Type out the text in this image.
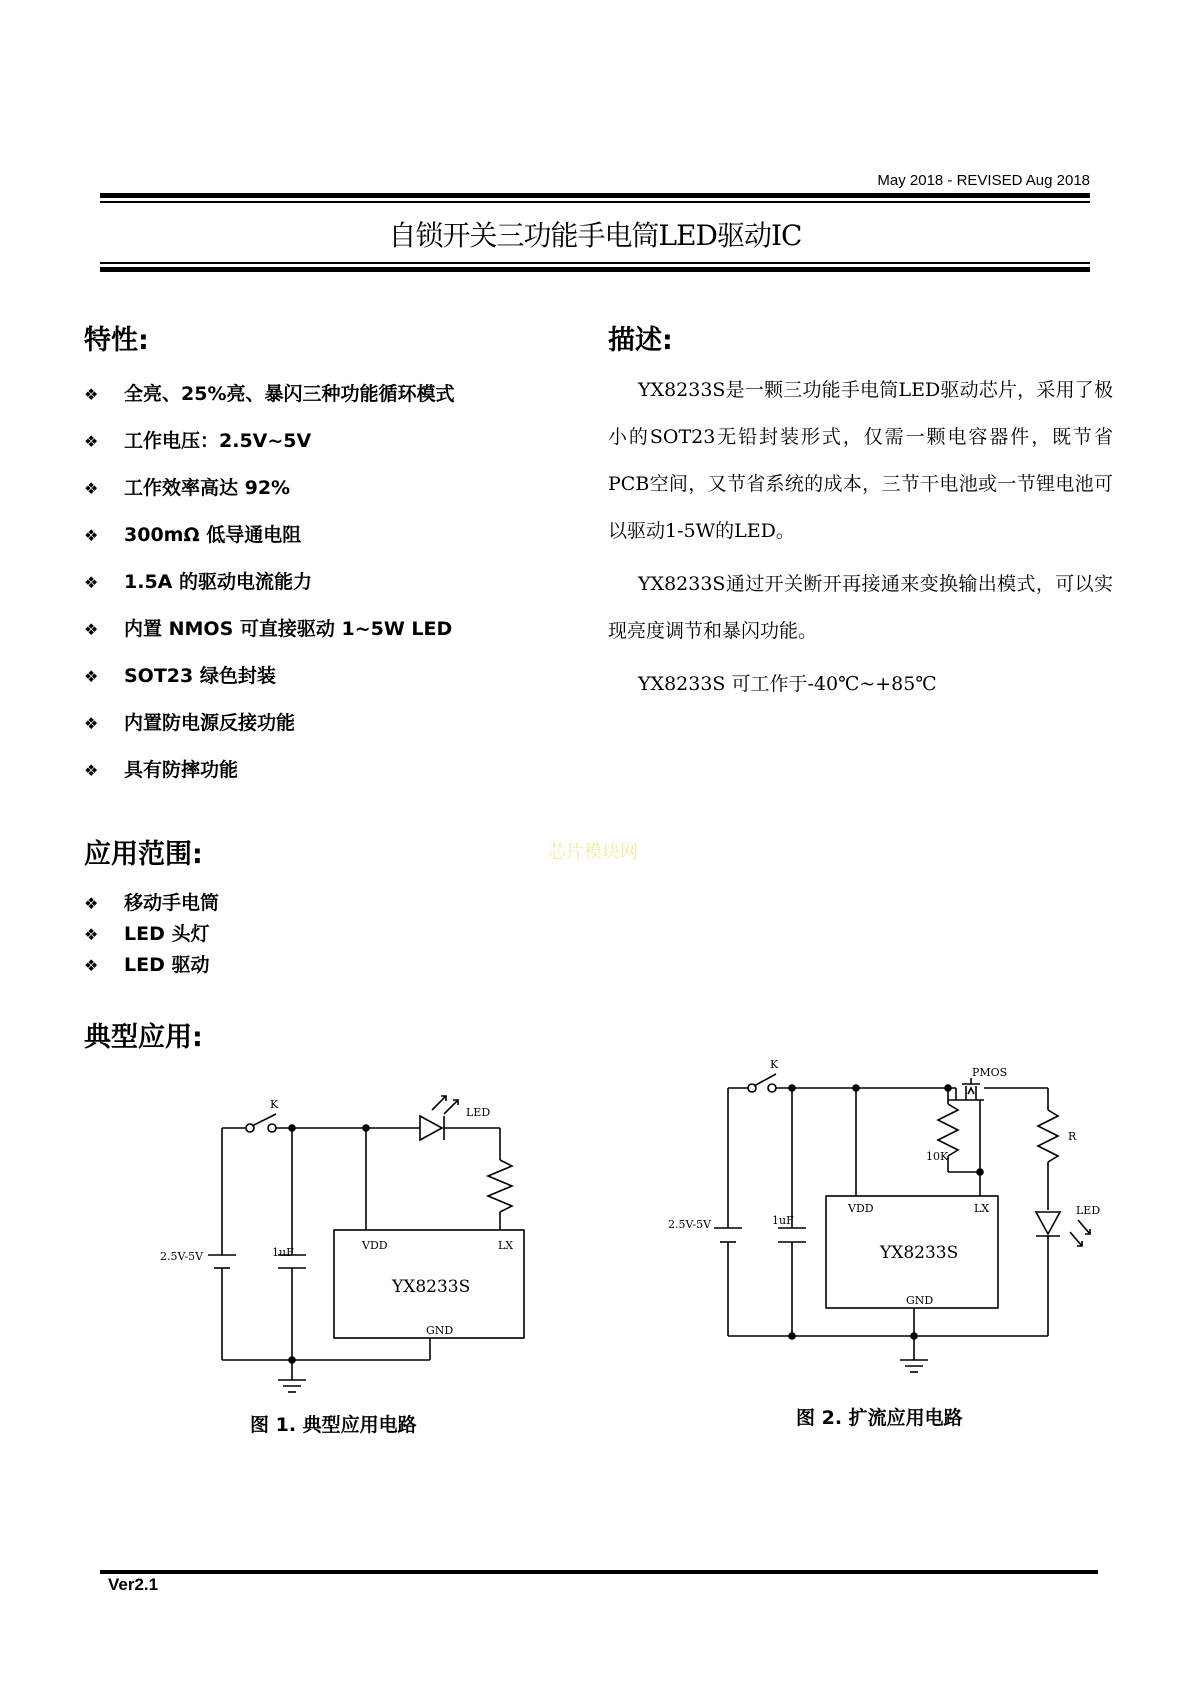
May 2018 - REVISED Aug 2018
自锁开关三功能手电筒LED驱动IC
特性:
❖ 全亮、25%亮、暴闪三种功能循环模式
❖ 工作电压：2.5V~5V
❖ 工作效率高达 92%
❖ 300mΩ 低导通电阻
❖ 1.5A 的驱动电流能力
❖ 内置 NMOS 可直接驱动 1~5W LED
❖ SOT23 绿色封装
❖ 内置防电源反接功能
❖ 具有防摔功能
描述:

YX8233S是一颗三功能手电筒LED驱动芯片，采用了极小的SOT23无铅封装形式，仅需一颗电容器件，既节省PCB空间，又节省系统的成本，三节干电池或一节锂电池可以驱动1-5W的LED。

YX8233S通过开关断开再接通来变换输出模式，可以实现亮度调节和暴闪功能。

YX8233S 可工作于-40℃~+85℃

应用范围:	芯片模块网
❖ 移动手电筒
❖ LED 头灯
❖ LED 驱动
典型应用:
K
LED
VDD	LX
GND
YX8233S
1uF
2.5V-5V
K
PMOS
10K
R
LED
VDD	LX
GND
YX8233S
1uF
2.5V-5V
图 1. 典型应用电路	图 2. 扩流应用电路
Ver2.1
